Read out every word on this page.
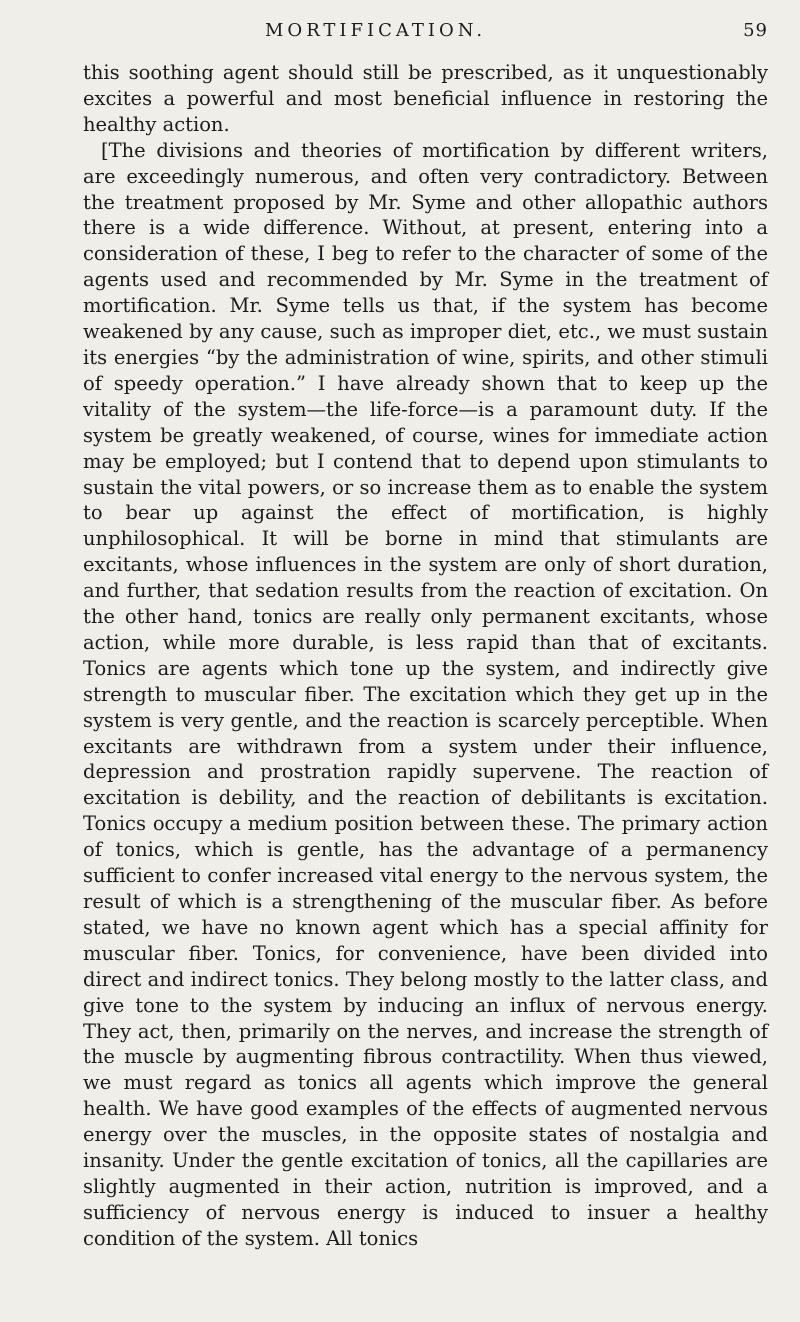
MORTIFICATION.	59

this soothing agent should still be prescribed, as it unquestionably excites a powerful and most beneficial influence in restoring the healthy action.

[The divisions and theories of mortification by different writers, are exceedingly numerous, and often very contradictory. Between the treatment proposed by Mr. Syme and other allopathic authors there is a wide difference. Without, at present, entering into a consideration of these, I beg to refer to the character of some of the agents used and recommended by Mr. Syme in the treatment of mortification. Mr. Syme tells us that, if the system has become weakened by any cause, such as improper diet, etc., we must sustain its energies “by the administration of wine, spirits, and other stimuli of speedy operation.” I have already shown that to keep up the vitality of the system—the life-force—is a paramount duty. If the system be greatly weakened, of course, wines for immediate action may be employed; but I contend that to depend upon stimulants to sustain the vital powers, or so increase them as to enable the system to bear up against the effect of mortification, is highly unphilosophical. It will be borne in mind that stimulants are excitants, whose influences in the system are only of short duration, and further, that sedation results from the reaction of excitation. On the other hand, tonics are really only permanent excitants, whose action, while more durable, is less rapid than that of excitants. Tonics are agents which tone up the system, and indirectly give strength to muscular fiber. The excitation which they get up in the system is very gentle, and the reaction is scarcely perceptible. When excitants are withdrawn from a system under their influence, depression and prostration rapidly supervene. The reaction of excitation is debility, and the reaction of debilitants is excitation. Tonics occupy a medium position between these. The primary action of tonics, which is gentle, has the advantage of a permanency sufficient to confer increased vital energy to the nervous system, the result of which is a strengthening of the muscular fiber. As before stated, we have no known agent which has a special affinity for muscular fiber. Tonics, for convenience, have been divided into direct and indirect tonics. They belong mostly to the latter class, and give tone to the system by inducing an influx of nervous energy. They act, then, primarily on the nerves, and increase the strength of the muscle by augmenting fibrous contractility. When thus viewed, we must regard as tonics all agents which improve the general health. We have good examples of the effects of augmented nervous energy over the muscles, in the opposite states of nostalgia and insanity. Under the gentle excitation of tonics, all the capillaries are slightly augmented in their action, nutrition is improved, and a sufficiency of nervous energy is induced to insuer a healthy condition of the system. All tonics
